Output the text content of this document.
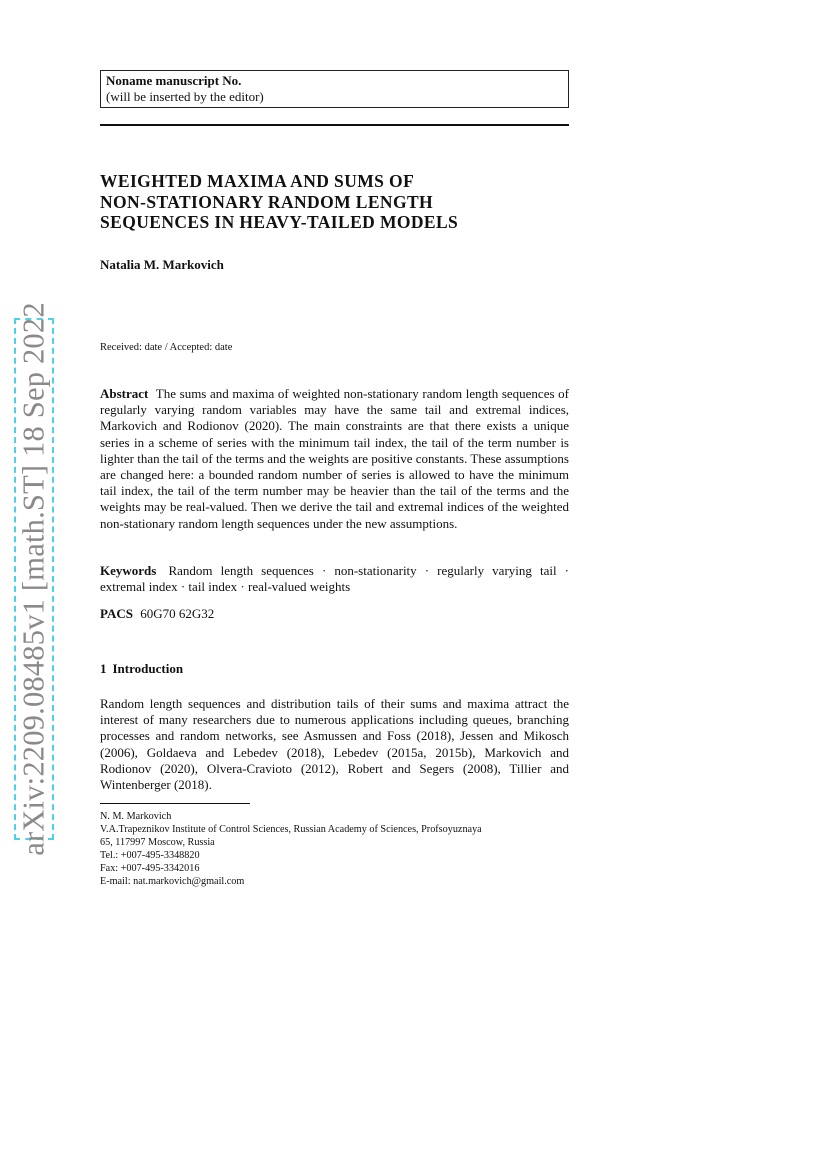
arXiv:2209.08485v1 [math.ST] 18 Sep 2022
Noname manuscript No.
(will be inserted by the editor)
WEIGHTED MAXIMA AND SUMS OF
NON-STATIONARY RANDOM LENGTH
SEQUENCES IN HEAVY-TAILED MODELS
Natalia M. Markovich
Received: date / Accepted: date
Abstract The sums and maxima of weighted non-stationary random length sequences of regularly varying random variables may have the same tail and extremal indices, Markovich and Rodionov (2020). The main constraints are that there exists a unique series in a scheme of series with the minimum tail index, the tail of the term number is lighter than the tail of the terms and the weights are positive constants. These assumptions are changed here: a bounded random number of series is allowed to have the minimum tail index, the tail of the term number may be heavier than the tail of the terms and the weights may be real-valued. Then we derive the tail and extremal indices of the weighted non-stationary random length sequences under the new assumptions.
Keywords Random length sequences · non-stationarity · regularly varying tail · extremal index · tail index · real-valued weights
PACS 60G70 62G32
1 Introduction
Random length sequences and distribution tails of their sums and maxima attract the interest of many researchers due to numerous applications including queues, branching processes and random networks, see Asmussen and Foss (2018), Jessen and Mikosch (2006), Goldaeva and Lebedev (2018), Lebedev (2015a, 2015b), Markovich and Rodionov (2020), Olvera-Cravioto (2012), Robert and Segers (2008), Tillier and Wintenberger (2018).
N. M. Markovich
V.A.Trapeznikov Institute of Control Sciences, Russian Academy of Sciences, Profsoyuznaya
65, 117997 Moscow, Russia
Tel.: +007-495-3348820
Fax: +007-495-3342016
E-mail: nat.markovich@gmail.com
